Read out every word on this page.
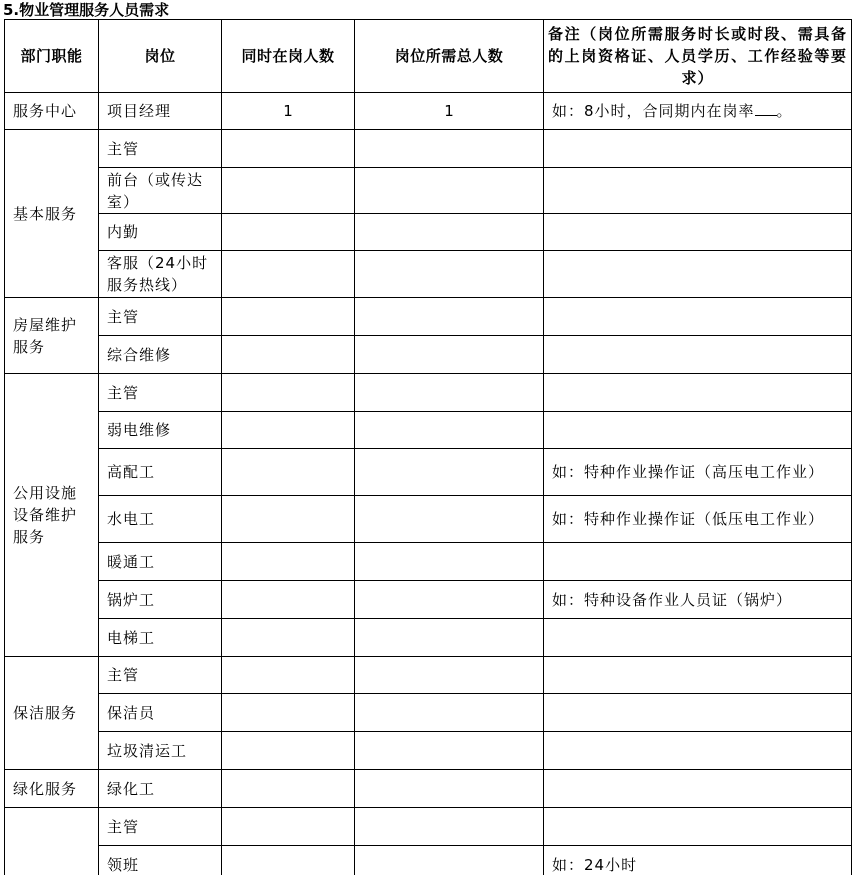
5.物业管理服务人员需求
部门职能	岗位	同时在岗人数	岗位所需总人数	备注（岗位所需服务时长或时段、需具备的上岗资格证、人员学历、工作经验等要求）
服务中心	项目经理	1	1	如：8小时，合同期内在岗率 。
基本服务	主管			
	前台（或传达室）			
	内勤			
	客服（24小时服务热线）			
房屋维护服务	主管			
	综合维修			
公用设施设备维护服务	主管			
	弱电维修			
	高配工			如：特种作业操作证（高压电工作业）
	水电工			如：特种作业操作证（低压电工作业）
	暖通工			
	锅炉工			如：特种设备作业人员证（锅炉）
	电梯工			
保洁服务	主管			
	保洁员			
	垃圾清运工			
绿化服务	绿化工			
	主管			
	领班			如：24小时
